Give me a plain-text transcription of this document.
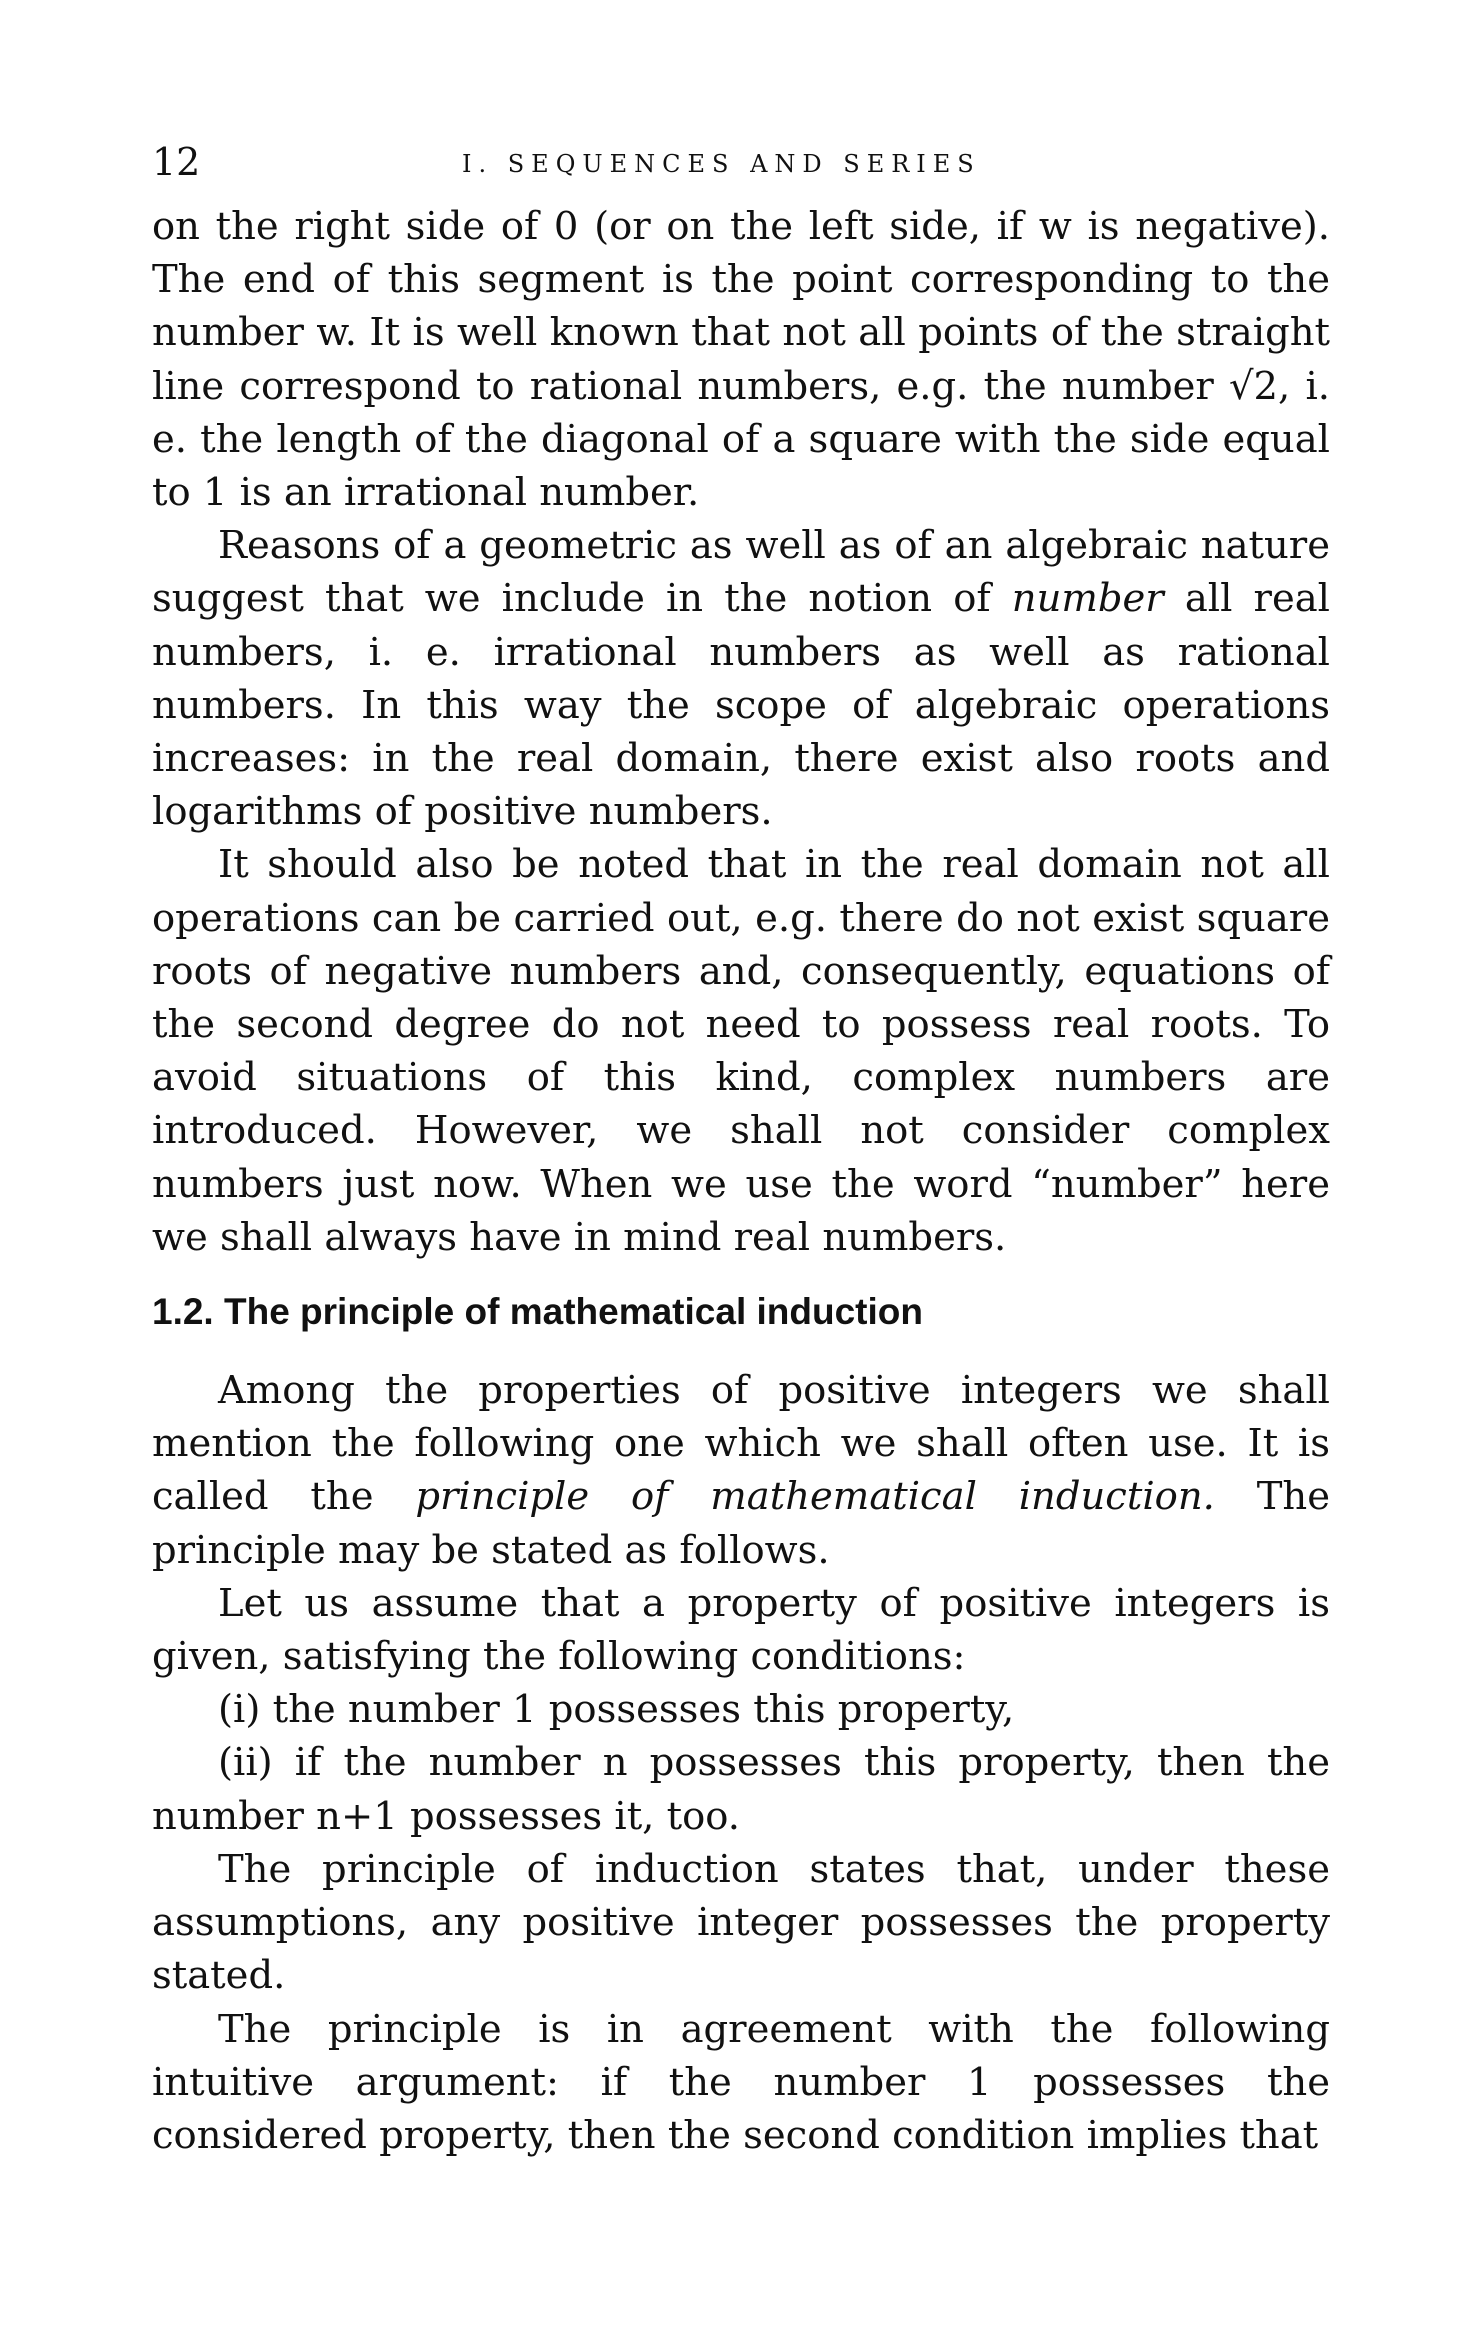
12	I. SEQUENCES AND SERIES

on the right side of 0 (or on the left side, if w is negative). The end of this segment is the point corresponding to the number w. It is well known that not all points of the straight line correspond to rational numbers, e.g. the number √2, i. e. the length of the diagonal of a square with the side equal to 1 is an irrational number.

Reasons of a geometric as well as of an algebraic nature suggest that we include in the notion of number all real numbers, i. e. irrational numbers as well as rational numbers. In this way the scope of algebraic operations increases: in the real domain, there exist also roots and logarithms of positive numbers.

It should also be noted that in the real domain not all operations can be carried out, e.g. there do not exist square roots of negative numbers and, consequently, equations of the second degree do not need to possess real roots. To avoid situations of this kind, complex numbers are introduced. However, we shall not consider complex numbers just now. When we use the word “number” here we shall always have in mind real numbers.

1.2. The principle of mathematical induction

Among the properties of positive integers we shall mention the following one which we shall often use. It is called the principle of mathematical induction. The principle may be stated as follows.

Let us assume that a property of positive integers is given, satisfying the following conditions:

(i) the number 1 possesses this property,

(ii) if the number n possesses this property, then the number n+1 possesses it, too.

The principle of induction states that, under these assumptions, any positive integer possesses the property stated.

The principle is in agreement with the following intuitive argument: if the number 1 possesses the considered property, then the second condition implies that
